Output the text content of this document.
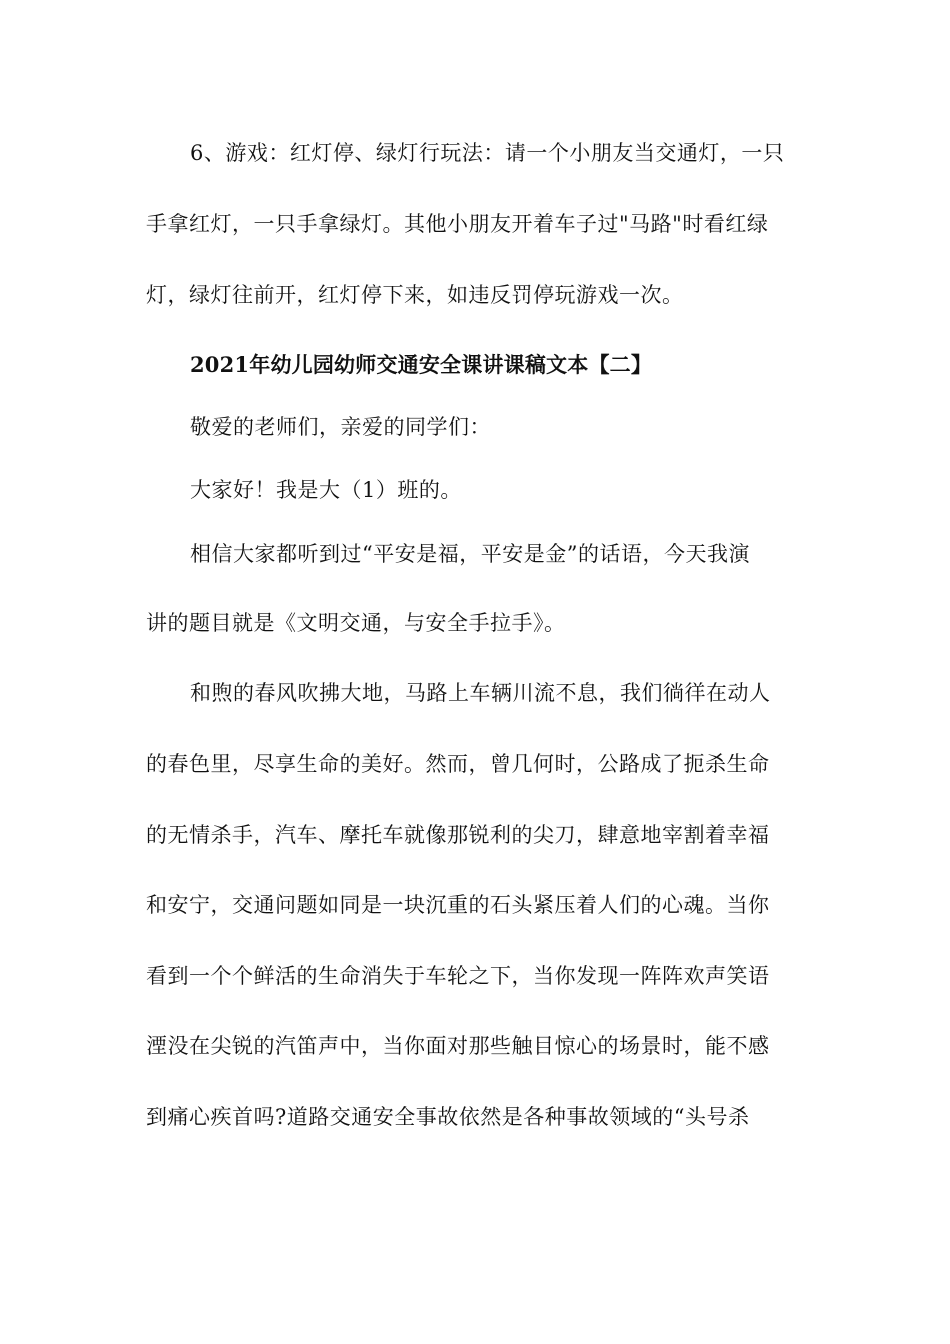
6、游戏：红灯停、绿灯行玩法：请一个小朋友当交通灯，一只
手拿红灯，一只手拿绿灯。其他小朋友开着车子过"马路"时看红绿
灯，绿灯往前开，红灯停下来，如违反罚停玩游戏一次。
2021年幼儿园幼师交通安全课讲课稿文本【二】
敬爱的老师们，亲爱的同学们：
大家好！我是大（1）班的。
相信大家都听到过“平安是福，平安是金”的话语，今天我演
讲的题目就是《文明交通，与安全手拉手》。
和煦的春风吹拂大地，马路上车辆川流不息，我们徜徉在动人
的春色里，尽享生命的美好。然而，曾几何时，公路成了扼杀生命
的无情杀手，汽车、摩托车就像那锐利的尖刀，肆意地宰割着幸福
和安宁，交通问题如同是一块沉重的石头紧压着人们的心魂。当你
看到一个个鲜活的生命消失于车轮之下，当你发现一阵阵欢声笑语
湮没在尖锐的汽笛声中，当你面对那些触目惊心的场景时，能不感
到痛心疾首吗?道路交通安全事故依然是各种事故领域的“头号杀
